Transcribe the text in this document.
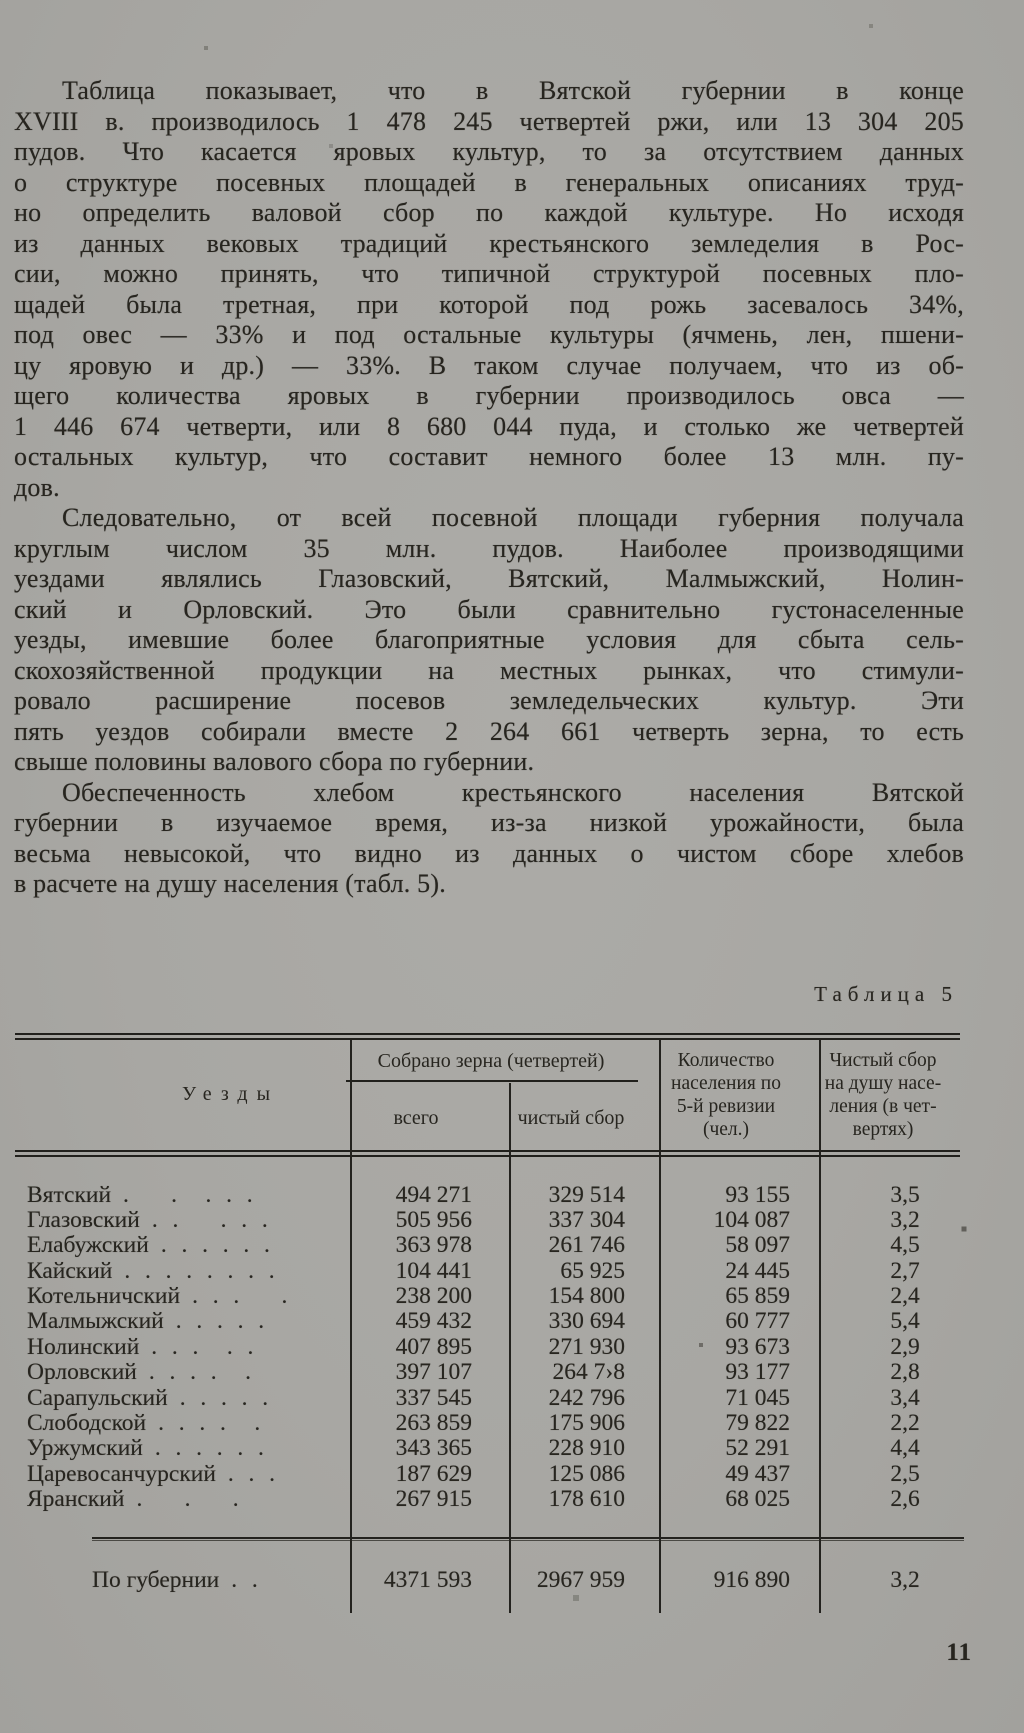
Таблица показывает, что в Вятской губернии в конце
XVIII в. производилось 1 478 245 четвертей ржи, или 13 304 205
пудов. Что касается яровых культур, то за отсутствием данных
о структуре посевных площадей в генеральных описаниях труд-
но определить валовой сбор по каждой культуре. Но исходя
из данных вековых традиций крестьянского земледелия в Рос-
сии, можно принять, что типичной структурой посевных пло-
щадей была третная, при которой под рожь засевалось 34%,
под овес — 33% и под остальные культуры (ячмень, лен, пшени-
цу яровую и др.) — 33%. В таком случае получаем, что из об-
щего количества яровых в губернии производилось овса —
1 446 674 четверти, или 8 680 044 пуда, и столько же четвертей
остальных культур, что составит немного более 13 млн. пу-
дов.
Следовательно, от всей посевной площади губерния получала
круглым числом 35 млн. пудов. Наиболее производящими
уездами являлись Глазовский, Вятский, Малмыжский, Нолин-
ский и Орловский. Это были сравнительно густонаселенные
уезды, имевшие более благоприятные условия для сбыта сель-
скохозяйственной продукции на местных рынках, что стимули-
ровало расширение посевов земледельческих культур. Эти
пять уездов собирали вместе 2 264 661 четверть зерна, то есть
свыше половины валового сбора по губернии.
Обеспеченность хлебом крестьянского населения Вятской
губернии в изучаемое время, из-за низкой урожайности, была
весьма невысокой, что видно из данных о чистом сборе хлебов
в расчете на душу населения (табл. 5).
Таблица 5
Уезды
Собрано зерна (четвертей)
всего	чистый сбор
Количество
населения по
5-й ревизии
(чел.)
Чистый сбор
на душу насе-
ления (в чет-
вертях)
Вятский .      .    .  .  .	494 271	329 514	93 155	3,5
Глазовский .  .      .  .  .	505 956	337 304	104 087	3,2
Елабужский .  .  .  .  .  .	363 978	261 746	58 097	4,5
Кайский .  .  .  .  .  .  .  .	104 441	65 925	24 445	2,7
Котельничский .  .  .      .	238 200	154 800	65 859	2,4
Малмыжский .  .  .  .  .	459 432	330 694	60 777	5,4
Нолинский .  .  .    .  .	407 895	271 930	93 673	2,9
Орловский .  .  .  .    .	397 107	264 7›8	93 177	2,8
Сарапульский .  .  .  .  .	337 545	242 796	71 045	3,4
Слободской .  .  .  .    .	263 859	175 906	79 822	2,2
Уржумский .  .  .  .  .  .	343 365	228 910	52 291	4,4
Царевосанчурский .  .  .	187 629	125 086	49 437	2,5
Яранский .      .      .	267 915	178 610	68 025	2,6
По губернии .  .	4371 593	2967 959	916 890	3,2
11
